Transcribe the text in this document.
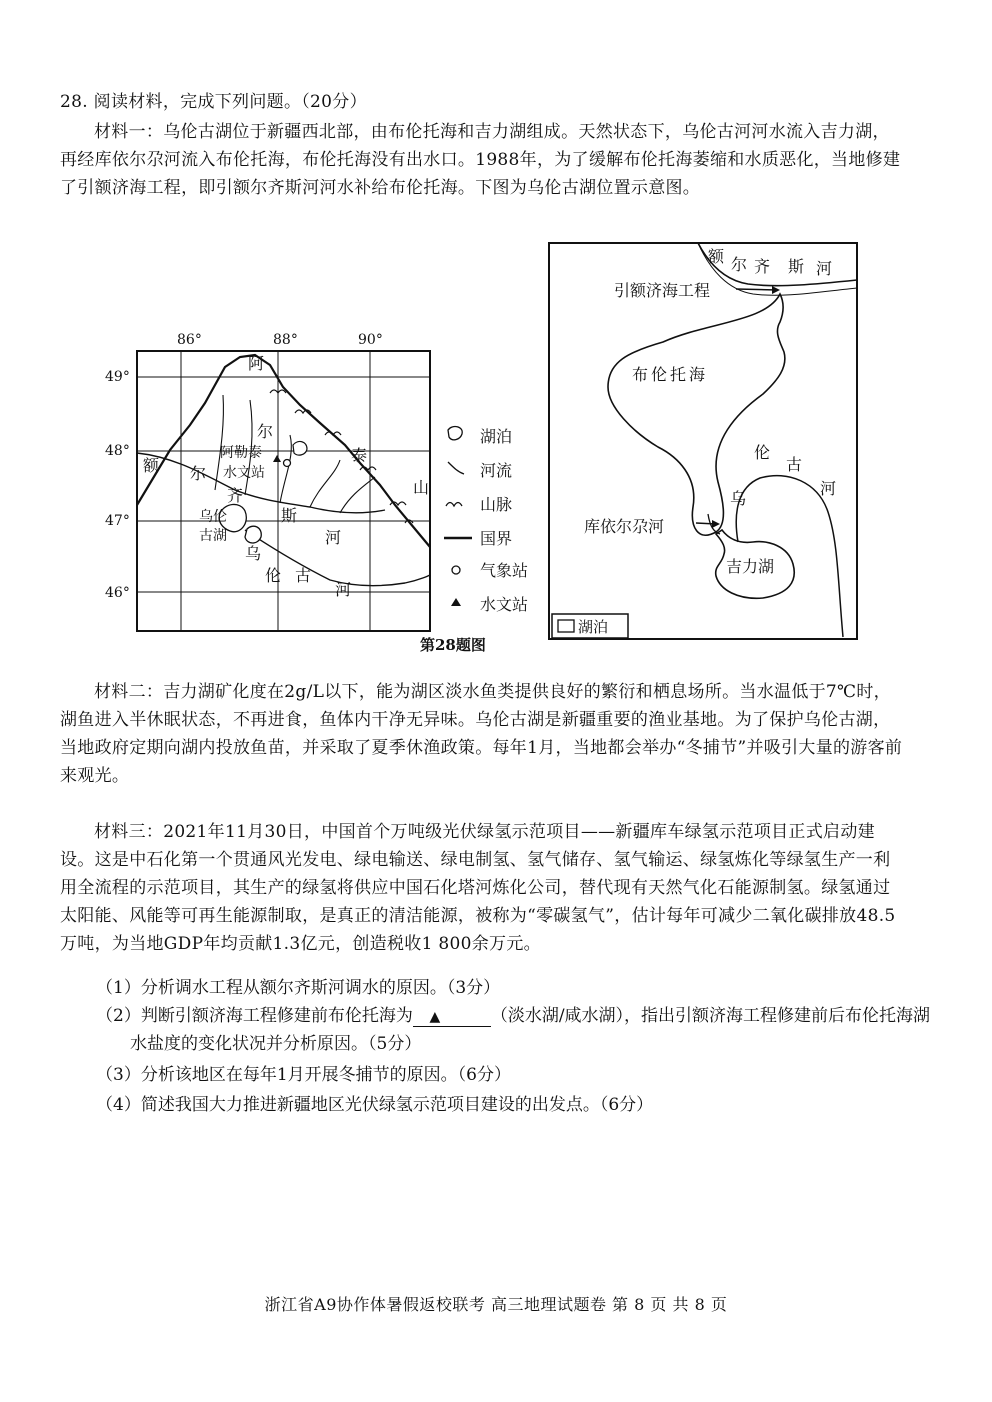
28. 阅读材料，完成下列问题。（20分）

材料一：乌伦古湖位于新疆西北部，由布伦托海和吉力湖组成。天然状态下，乌伦古河河水流入吉力湖，再经库依尔尕河流入布伦托海，布伦托海没有出水口。1988年，为了缓解布伦托海萎缩和水质恶化，当地修建了引额济海工程，即引额尔齐斯河河水补给布伦托海。下图为乌伦古湖位置示意图。

86°	88°	90°
49°
48°
47°
46°
阿
尔
阿勒泰
水文站
泰
山
额 尔
齐
斯
河
乌伦
古湖
乌
伦古
河
湖泊
河流
山脉
国界
气象站
水文站
额 尔 齐 斯 河
引额济海工程
布伦托海
伦
古
河
乌
库依尔尕河
吉力湖
湖泊
第28题图

材料二：吉力湖矿化度在2g/L以下，能为湖区淡水鱼类提供良好的繁衍和栖息场所。当水温低于7℃时，湖鱼进入半休眠状态，不再进食，鱼体内干净无异味。乌伦古湖是新疆重要的渔业基地。为了保护乌伦古湖，当地政府定期向湖内投放鱼苗，并采取了夏季休渔政策。每年1月，当地都会举办“冬捕节”并吸引大量的游客前来观光。

材料三：2021年11月30日，中国首个万吨级光伏绿氢示范项目——新疆库车绿氢示范项目正式启动建设。这是中石化第一个贯通风光发电、绿电输送、绿电制氢、氢气储存、氢气输运、绿氢炼化等绿氢生产一利用全流程的示范项目，其生产的绿氢将供应中国石化塔河炼化公司，替代现有天然气化石能源制氢。绿氢通过太阳能、风能等可再生能源制取，是真正的清洁能源，被称为“零碳氢气”，估计每年可减少二氧化碳排放48.5万吨，为当地GDP年均贡献1.3亿元，创造税收1 800余万元。

（1）分析调水工程从额尔齐斯河调水的原因。（3分）

（2）判断引额济海工程修建前布伦托海为 ▲	（淡水湖/咸水湖），指出引额济海工程修建前后布伦托海湖水盐度的变化状况并分析原因。（5分）

（3）分析该地区在每年1月开展冬捕节的原因。（6分）

（4）简述我国大力推进新疆地区光伏绿氢示范项目建设的出发点。（6分）

浙江省A9协作体暑假返校联考 高三地理试题卷 第 8 页 共 8 页
